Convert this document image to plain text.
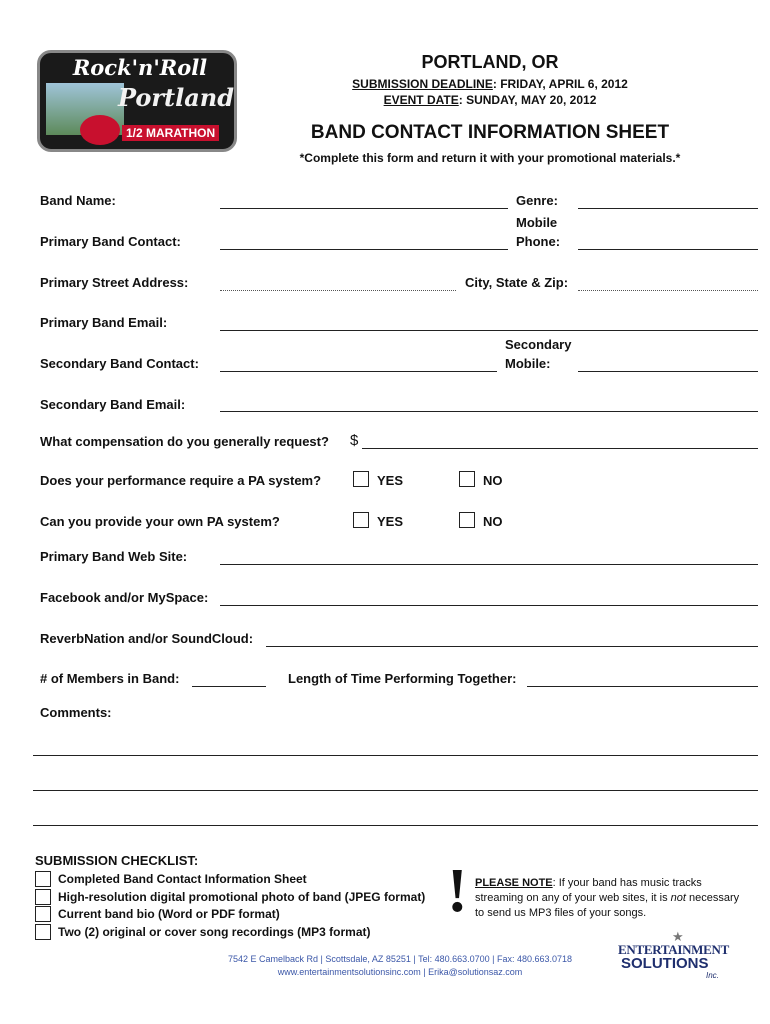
Rock'n'Roll
Portland
1/2 MARATHON
PORTLAND, OR
SUBMISSION DEADLINE: FRIDAY, APRIL 6, 2012
EVENT DATE: SUNDAY, MAY 20, 2012
BAND CONTACT INFORMATION SHEET
*Complete this form and return it with your promotional materials.*
Band Name:	Genre:
Mobile
Primary Band Contact:	Phone:
Primary Street Address:	City, State & Zip:
Primary Band Email:
Secondary
Secondary Band Contact:	Mobile:
Secondary Band Email:
What compensation do you generally request? $
Does your performance require a PA system?	YES	NO
Can you provide your own PA system?	YES	NO
Primary Band Web Site:
Facebook and/or MySpace:
ReverbNation and/or SoundCloud:
# of Members in Band:	Length of Time Performing Together:
Comments:
SUBMISSION CHECKLIST:
Completed Band Contact Information Sheet
High-resolution digital promotional photo of band (JPEG format)
Current band bio (Word or PDF format)
Two (2) original or cover song recordings (MP3 format)
! PLEASE NOTE: If your band has music tracks streaming on any of your web sites, it is not necessary to send us MP3 files of your songs.
7542 E Camelback Rd | Scottsdale, AZ 85251 | Tel: 480.663.0700 | Fax: 480.663.0718
www.entertainmentsolutionsinc.com | Erika@solutionsaz.com
★
ENTERTAINMENT
SOLUTIONS
Inc.
